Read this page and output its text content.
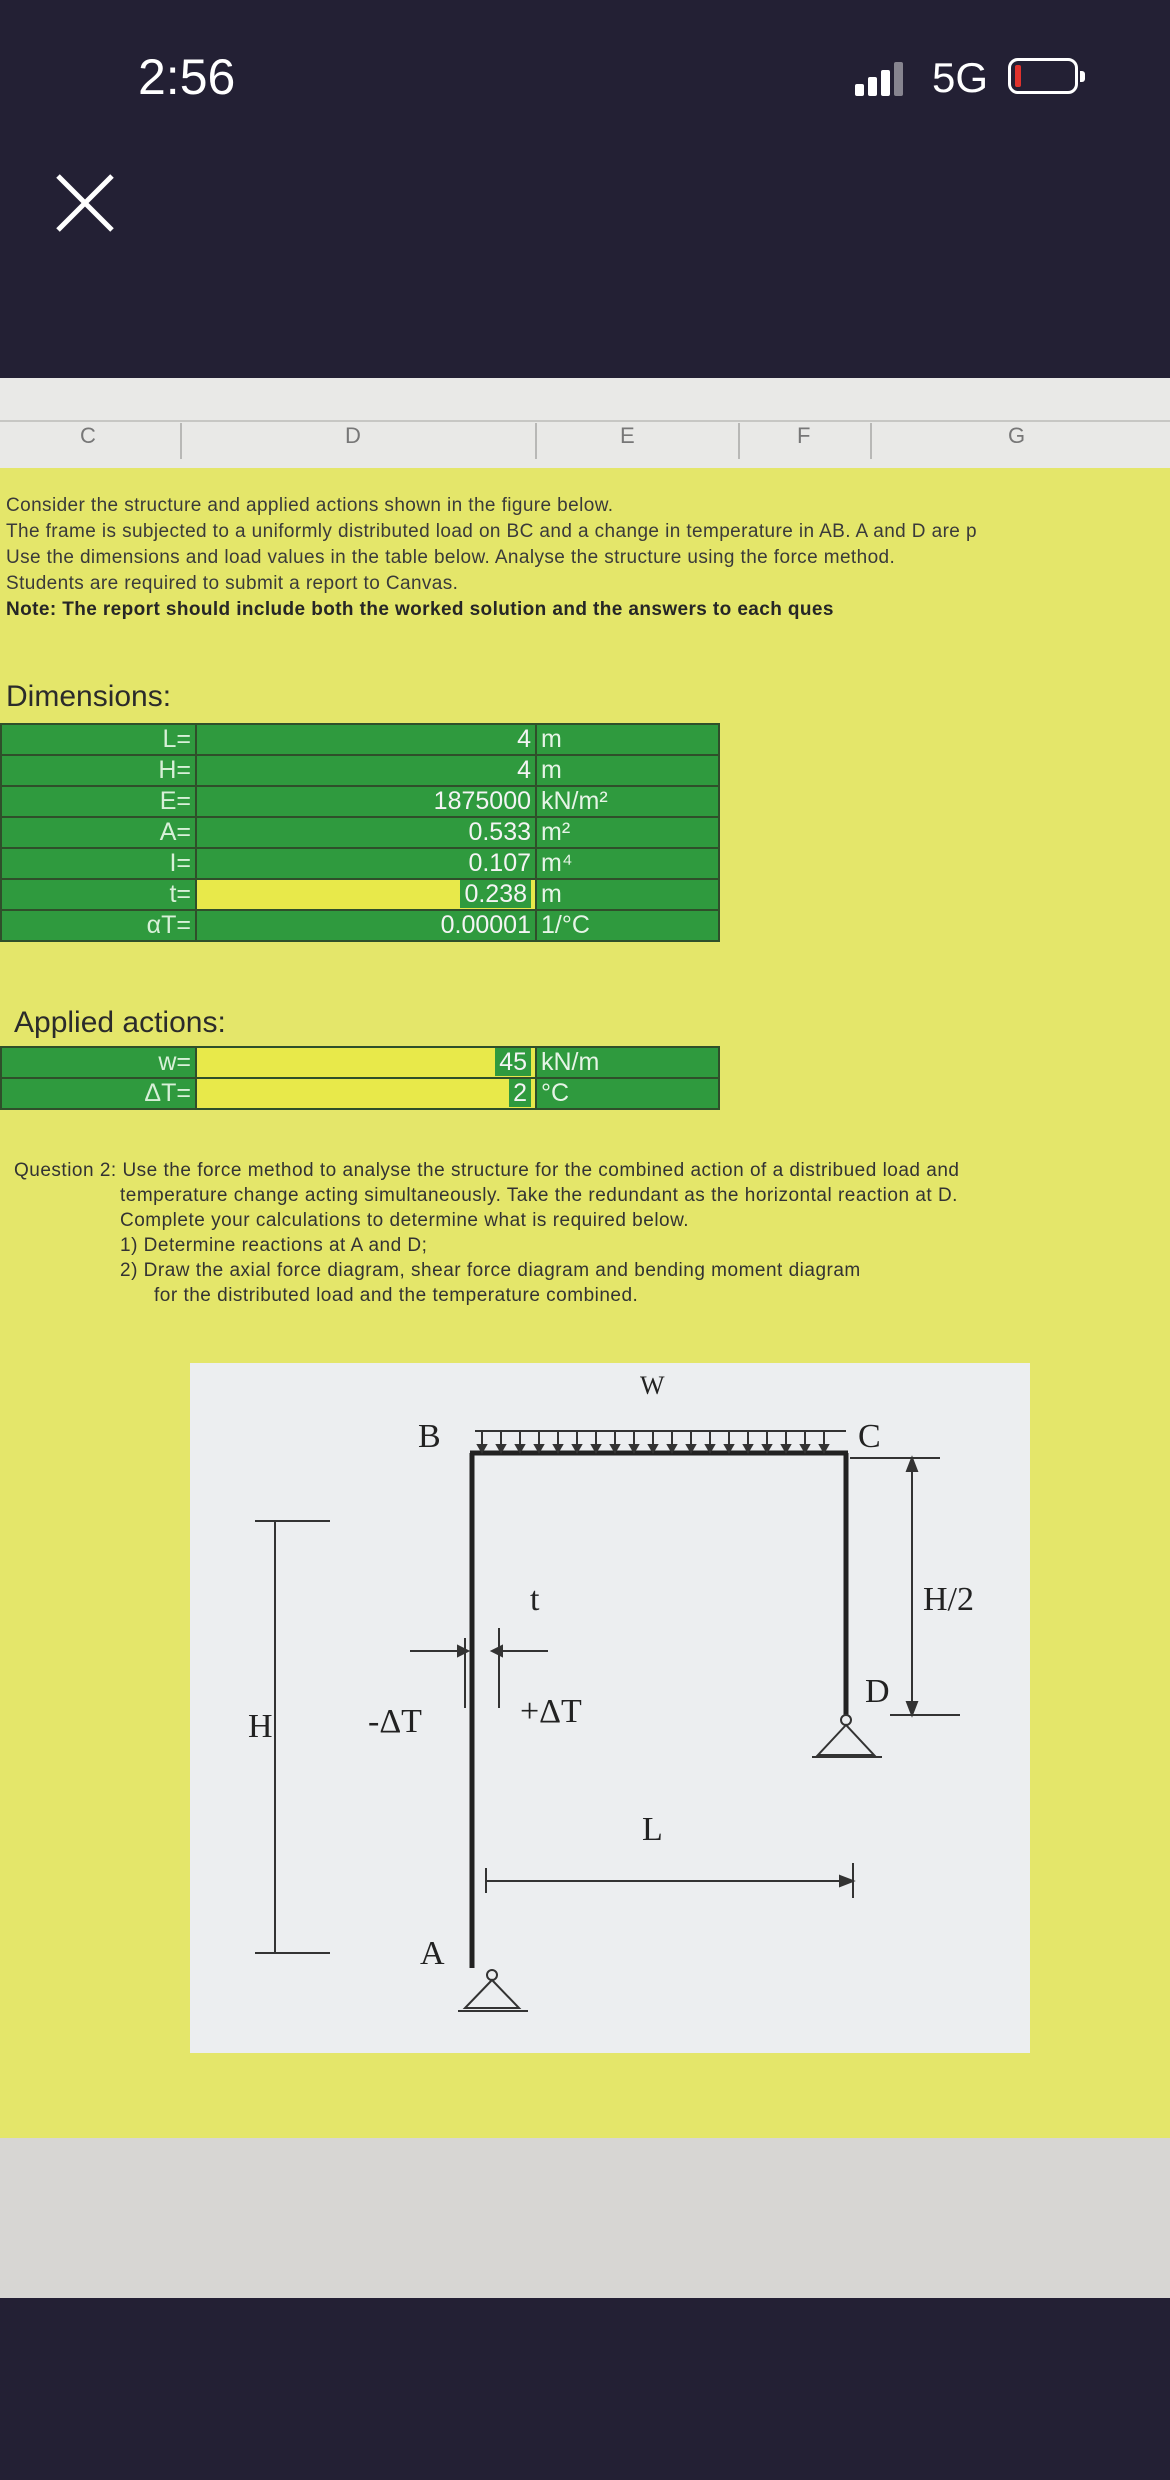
2:56	5G
C	D	E	F	G
Consider the structure and applied actions shown in the figure below.
The frame is subjected to a uniformly distributed load on BC and a change in temperature in AB. A and D are p
Use the dimensions and load values in the table below. Analyse the structure using the force method.
Students are required to submit a report to Canvas.
Note: The report should include both the worked solution and the answers to each ques
Dimensions:
L=	4	m
H=	4	m
E=	1875000	kN/m²
A=	0.533	m²
I=	0.107	m⁴
t=	0.238	m
αT=	0.00001	1/°C
Applied actions:
w=	45	kN/m
ΔT=	2	°C
Question 2: Use the force method to analyse the structure for the combined action of a distribued load and
temperature change acting simultaneously. Take the redundant as the horizontal reaction at D.
Complete your calculations to determine what is required below.
1) Determine reactions at A and D;
2) Draw the axial force diagram, shear force diagram and bending moment diagram
for the distributed load and the temperature combined.
W
B	C
D
A
H
H/2
L
t
-ΔT	+ΔT
